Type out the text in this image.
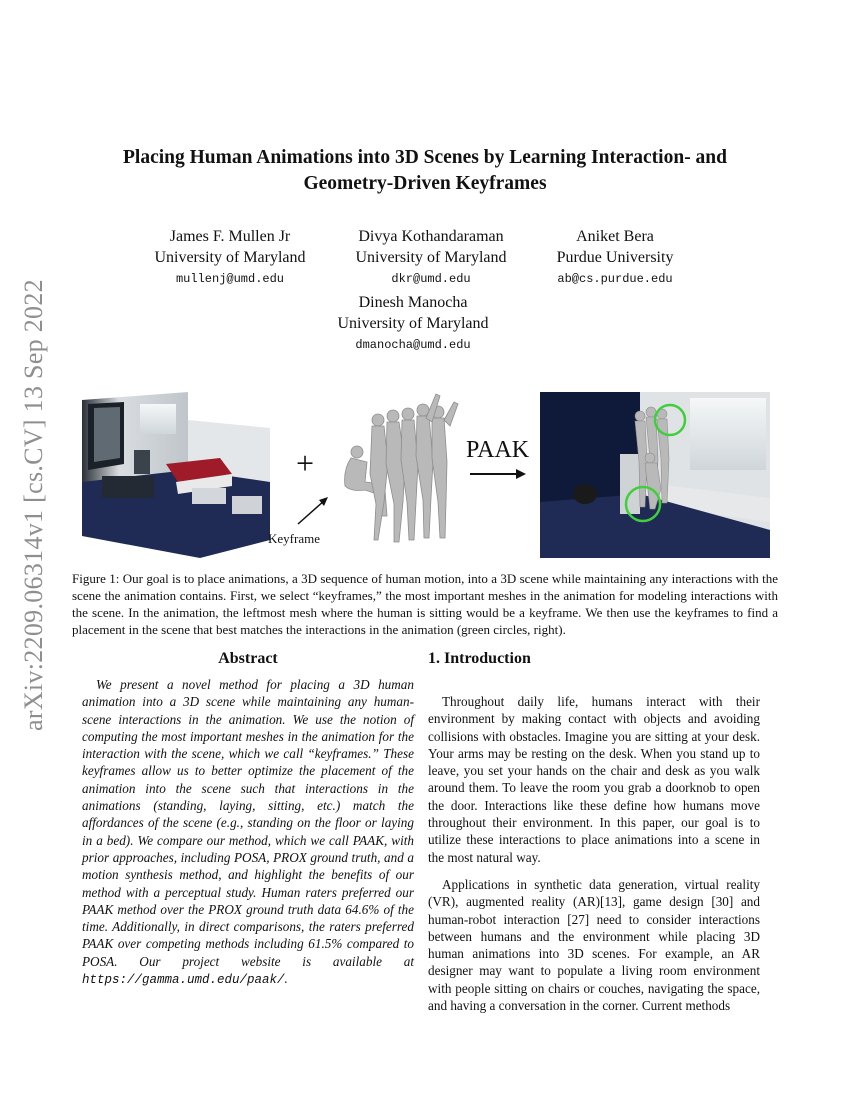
arXiv:2209.06314v1 [cs.CV] 13 Sep 2022
Placing Human Animations into 3D Scenes by Learning Interaction- and Geometry-Driven Keyframes
James F. Mullen Jr
University of Maryland
mullenj@umd.edu
Divya Kothandaraman
University of Maryland
dkr@umd.edu
Aniket Bera
Purdue University
ab@cs.purdue.edu
Dinesh Manocha
University of Maryland
dmanocha@umd.edu
+
Keyframe
PAAK
Figure 1: Our goal is to place animations, a 3D sequence of human motion, into a 3D scene while maintaining any interactions with the scene the animation contains. First, we select “keyframes,” the most important meshes in the animation for modeling interactions with the scene. In the animation, the leftmost mesh where the human is sitting would be a keyframe. We then use the keyframes to find a placement in the scene that best matches the interactions in the animation (green circles, right).
Abstract

We present a novel method for placing a 3D human animation into a 3D scene while maintaining any human-scene interactions in the animation. We use the notion of computing the most important meshes in the animation for the interaction with the scene, which we call “keyframes.” These keyframes allow us to better optimize the placement of the animation into the scene such that interactions in the animations (standing, laying, sitting, etc.) match the affordances of the scene (e.g., standing on the floor or laying in a bed). We compare our method, which we call PAAK, with prior approaches, including POSA, PROX ground truth, and a motion synthesis method, and highlight the benefits of our method with a perceptual study. Human raters preferred our PAAK method over the PROX ground truth data 64.6% of the time. Additionally, in direct comparisons, the raters preferred PAAK over competing methods including 61.5% compared to POSA. Our project website is available at https://gamma.umd.edu/paak/.

1. Introduction

Throughout daily life, humans interact with their environment by making contact with objects and avoiding collisions with obstacles. Imagine you are sitting at your desk. Your arms may be resting on the desk. When you stand up to leave, you set your hands on the chair and desk as you walk around them. To leave the room you grab a doorknob to open the door. Interactions like these define how humans move throughout their environment. In this paper, our goal is to utilize these interactions to place animations into a scene in the most natural way.

Applications in synthetic data generation, virtual reality (VR), augmented reality (AR)[13], game design [30] and human-robot interaction [27] need to consider interactions between humans and the environment while placing 3D human animations into 3D scenes. For example, an AR designer may want to populate a living room environment with people sitting on chairs or couches, navigating the space, and having a conversation in the corner. Current methods
